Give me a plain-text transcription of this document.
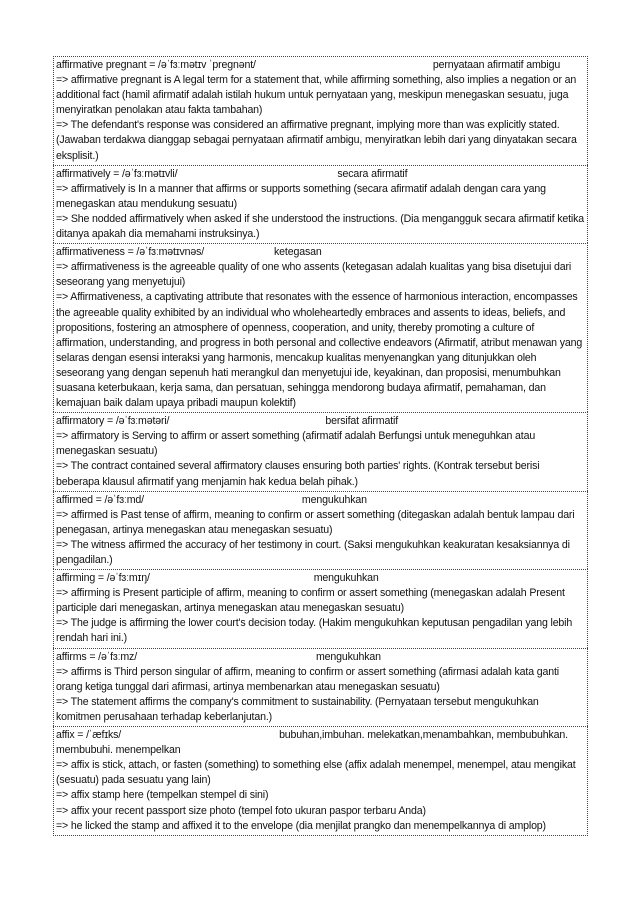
affirmative pregnant = /əˈfɜːmətɪv ˈpreɡnənt/	pernyataan afirmatif ambigu
=> affirmative pregnant is A legal term for a statement that, while affirming something, also implies a negation or an additional fact (hamil afirmatif adalah istilah hukum untuk pernyataan yang, meskipun menegaskan sesuatu, juga menyiratkan penolakan atau fakta tambahan)
=> The defendant's response was considered an affirmative pregnant, implying more than was explicitly stated. (Jawaban terdakwa dianggap sebagai pernyataan afirmatif ambigu, menyiratkan lebih dari yang dinyatakan secara eksplisit.)
affirmatively = /əˈfɜːmətɪvli/	secara afirmatif
=> affirmatively is In a manner that affirms or supports something (secara afirmatif adalah dengan cara yang menegaskan atau mendukung sesuatu)
=> She nodded affirmatively when asked if she understood the instructions. (Dia mengangguk secara afirmatif ketika ditanya apakah dia memahami instruksinya.)
affirmativeness = /əˈfɜːmətɪvnəs/	ketegasan
=> affirmativeness is the agreeable quality of one who assents (ketegasan adalah kualitas yang bisa disetujui dari seseorang yang menyetujui)
=> Affirmativeness, a captivating attribute that resonates with the essence of harmonious interaction, encompasses the agreeable quality exhibited by an individual who wholeheartedly embraces and assents to ideas, beliefs, and propositions, fostering an atmosphere of openness, cooperation, and unity, thereby promoting a culture of affirmation, understanding, and progress in both personal and collective endeavors (Afirmatif, atribut menawan yang selaras dengan esensi interaksi yang harmonis, mencakup kualitas menyenangkan yang ditunjukkan oleh seseorang yang dengan sepenuh hati merangkul dan menyetujui ide, keyakinan, dan proposisi, menumbuhkan suasana keterbukaan, kerja sama, dan persatuan, sehingga mendorong budaya afirmatif, pemahaman, dan kemajuan baik dalam upaya pribadi maupun kolektif)
affirmatory = /əˈfɜːmətəri/	bersifat afirmatif
=> affirmatory is Serving to affirm or assert something (afirmatif adalah Berfungsi untuk meneguhkan atau menegaskan sesuatu)
=> The contract contained several affirmatory clauses ensuring both parties' rights. (Kontrak tersebut berisi beberapa klausul afirmatif yang menjamin hak kedua belah pihak.)
affirmed = /əˈfɜːmd/	mengukuhkan
=> affirmed is Past tense of affirm, meaning to confirm or assert something (ditegaskan adalah bentuk lampau dari penegasan, artinya menegaskan atau menegaskan sesuatu)
=> The witness affirmed the accuracy of her testimony in court. (Saksi mengukuhkan keakuratan kesaksiannya di pengadilan.)
affirming = /əˈfɜːmɪŋ/	mengukuhkan
=> affirming is Present participle of affirm, meaning to confirm or assert something (menegaskan adalah Present participle dari menegaskan, artinya menegaskan atau menegaskan sesuatu)
=> The judge is affirming the lower court's decision today. (Hakim mengukuhkan keputusan pengadilan yang lebih rendah hari ini.)
affirms = /əˈfɜːmz/	mengukuhkan
=> affirms is Third person singular of affirm, meaning to confirm or assert something (afirmasi adalah kata ganti orang ketiga tunggal dari afirmasi, artinya membenarkan atau menegaskan sesuatu)
=> The statement affirms the company's commitment to sustainability. (Pernyataan tersebut mengukuhkan komitmen perusahaan terhadap keberlanjutan.)
affix = /ˈæfɪks/	bubuhan,imbuhan. melekatkan,menambahkan, membubuhkan. membubuhi. menempelkan
=> affix is stick, attach, or fasten (something) to something else (affix adalah menempel, menempel, atau mengikat (sesuatu) pada sesuatu yang lain)
=> affix stamp here (tempelkan stempel di sini)
=> affix your recent passport size photo (tempel foto ukuran paspor terbaru Anda)
=> he licked the stamp and affixed it to the envelope (dia menjilat prangko dan menempelkannya di amplop)
